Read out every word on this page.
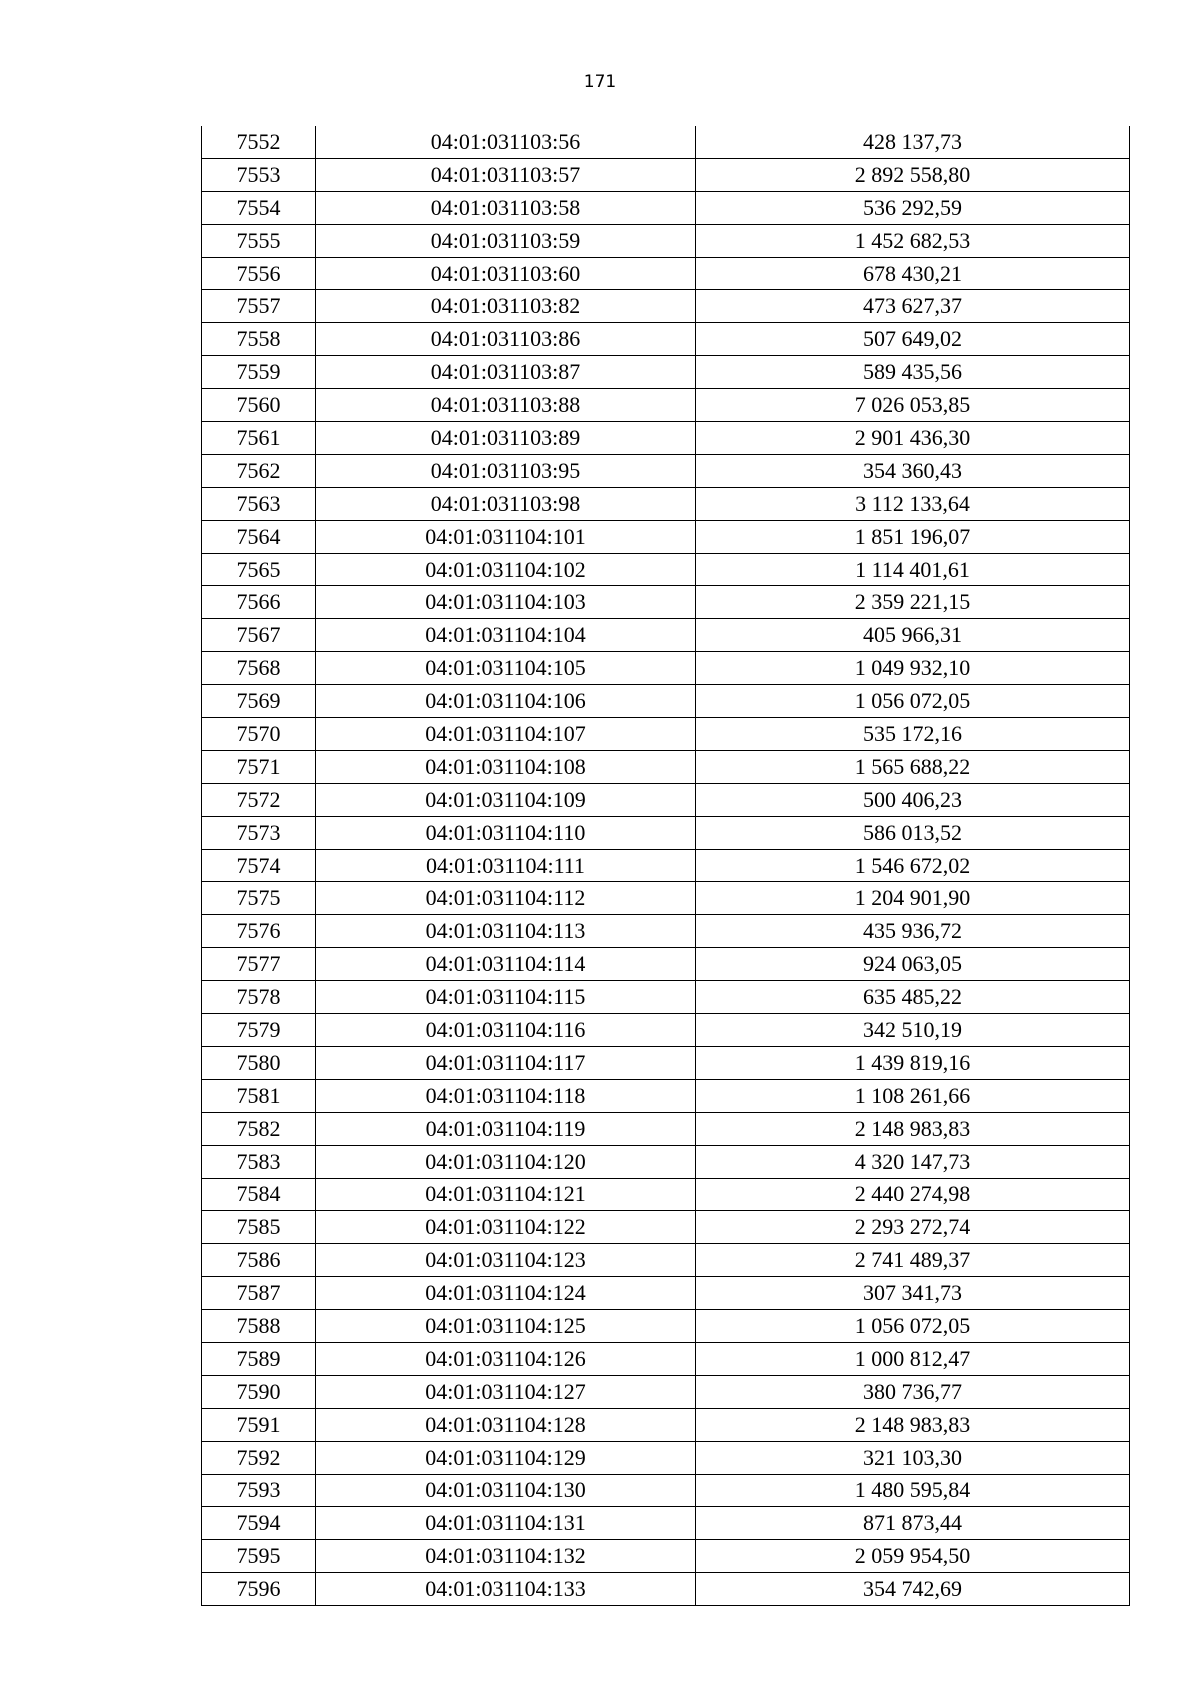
171
7552	04:01:031103:56	428 137,73
7553	04:01:031103:57	2 892 558,80
7554	04:01:031103:58	536 292,59
7555	04:01:031103:59	1 452 682,53
7556	04:01:031103:60	678 430,21
7557	04:01:031103:82	473 627,37
7558	04:01:031103:86	507 649,02
7559	04:01:031103:87	589 435,56
7560	04:01:031103:88	7 026 053,85
7561	04:01:031103:89	2 901 436,30
7562	04:01:031103:95	354 360,43
7563	04:01:031103:98	3 112 133,64
7564	04:01:031104:101	1 851 196,07
7565	04:01:031104:102	1 114 401,61
7566	04:01:031104:103	2 359 221,15
7567	04:01:031104:104	405 966,31
7568	04:01:031104:105	1 049 932,10
7569	04:01:031104:106	1 056 072,05
7570	04:01:031104:107	535 172,16
7571	04:01:031104:108	1 565 688,22
7572	04:01:031104:109	500 406,23
7573	04:01:031104:110	586 013,52
7574	04:01:031104:111	1 546 672,02
7575	04:01:031104:112	1 204 901,90
7576	04:01:031104:113	435 936,72
7577	04:01:031104:114	924 063,05
7578	04:01:031104:115	635 485,22
7579	04:01:031104:116	342 510,19
7580	04:01:031104:117	1 439 819,16
7581	04:01:031104:118	1 108 261,66
7582	04:01:031104:119	2 148 983,83
7583	04:01:031104:120	4 320 147,73
7584	04:01:031104:121	2 440 274,98
7585	04:01:031104:122	2 293 272,74
7586	04:01:031104:123	2 741 489,37
7587	04:01:031104:124	307 341,73
7588	04:01:031104:125	1 056 072,05
7589	04:01:031104:126	1 000 812,47
7590	04:01:031104:127	380 736,77
7591	04:01:031104:128	2 148 983,83
7592	04:01:031104:129	321 103,30
7593	04:01:031104:130	1 480 595,84
7594	04:01:031104:131	871 873,44
7595	04:01:031104:132	2 059 954,50
7596	04:01:031104:133	354 742,69
